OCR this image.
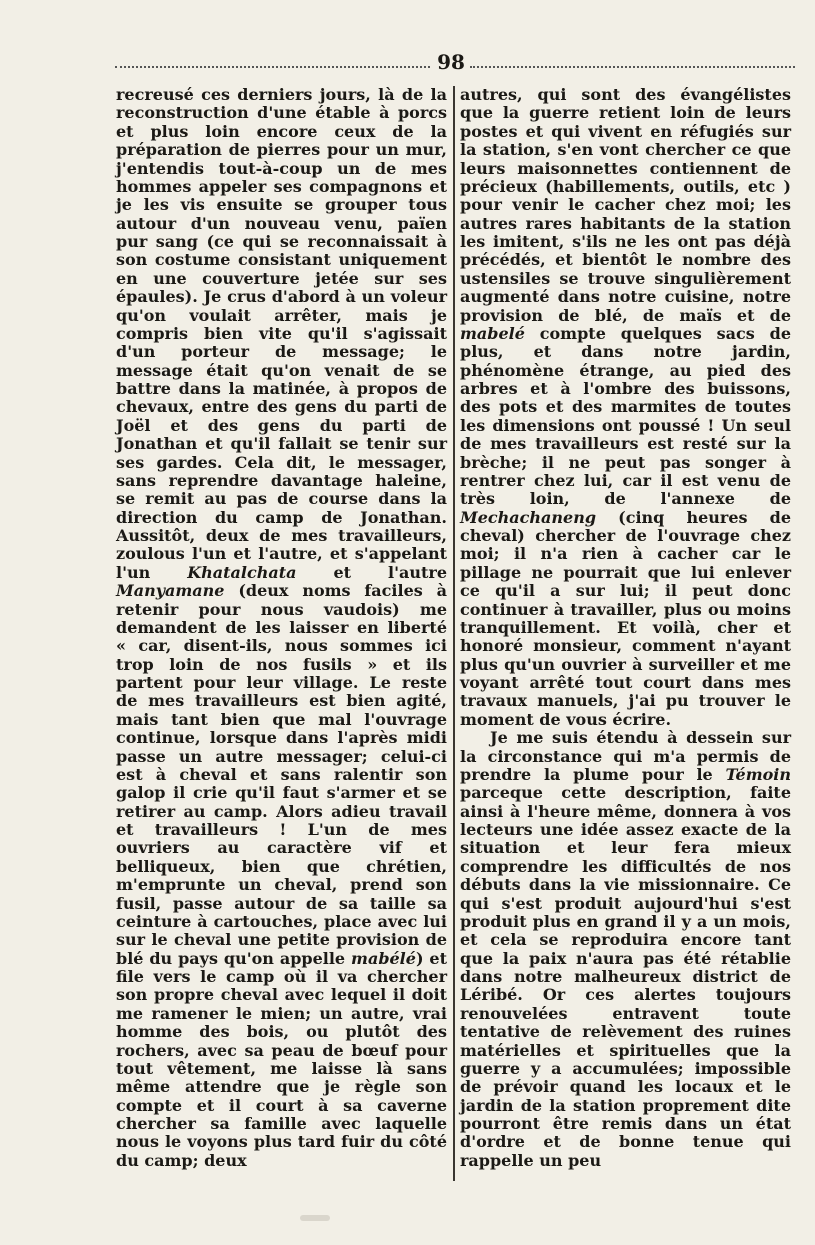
98

recreusé ces derniers jours, là de la reconstruction d'une étable à porcs et plus loin encore ceux de la préparation de pierres pour un mur, j'entendis tout-à-coup un de mes hommes appeler ses compagnons et je les vis ensuite se grouper tous autour d'un nouveau venu, païen pur sang (ce qui se reconnaissait à son costume consistant uniquement en une couverture jetée sur ses épaules). Je crus d'abord à un voleur qu'on voulait arrêter, mais je compris bien vite qu'il s'agissait d'un porteur de message; le message était qu'on venait de se battre dans la matinée, à propos de chevaux, entre des gens du parti de Joël et des gens du parti de Jonathan et qu'il fallait se tenir sur ses gardes. Cela dit, le messager, sans reprendre davantage haleine, se remit au pas de course dans la direction du camp de Jonathan. Aussitôt, deux de mes travailleurs, zoulous l'un et l'autre, et s'appelant l'un Khatalchata et l'autre Manyamane (deux noms faciles à retenir pour nous vaudois) me demandent de les laisser en liberté « car, disent-ils, nous sommes ici trop loin de nos fusils » et ils partent pour leur village. Le reste de mes travailleurs est bien agité, mais tant bien que mal l'ouvrage continue, lorsque dans l'après midi passe un autre messager; celui-ci est à cheval et sans ralentir son galop il crie qu'il faut s'armer et se retirer au camp. Alors adieu travail et travailleurs ! L'un de mes ouvriers au caractère vif et belliqueux, bien que chrétien, m'emprunte un cheval, prend son fusil, passe autour de sa taille sa ceinture à cartouches, place avec lui sur le cheval une petite provision de blé du pays qu'on appelle mabélé) et file vers le camp où il va chercher son propre cheval avec lequel il doit me ramener le mien; un autre, vrai homme des bois, ou plutôt des rochers, avec sa peau de bœuf pour tout vêtement, me laisse là sans même attendre que je règle son compte et il court à sa caverne chercher sa famille avec laquelle nous le voyons plus tard fuir du côté du camp; deux

autres, qui sont des évangélistes que la guerre retient loin de leurs postes et qui vivent en réfugiés sur la station, s'en vont chercher ce que leurs maisonnettes contiennent de précieux (habillements, outils, etc ) pour venir le cacher chez moi; les autres rares habitants de la station les imitent, s'ils ne les ont pas déjà précédés, et bientôt le nombre des ustensiles se trouve singulièrement augmenté dans notre cuisine, notre provision de blé, de maïs et de mabelé compte quelques sacs de plus, et dans notre jardin, phénomène étrange, au pied des arbres et à l'ombre des buissons, des pots et des marmites de toutes les dimensions ont poussé ! Un seul de mes travailleurs est resté sur la brèche; il ne peut pas songer à rentrer chez lui, car il est venu de très loin, de l'annexe de Mechachaneng (cinq heures de cheval) chercher de l'ouvrage chez moi; il n'a rien à cacher car le pillage ne pourrait que lui enlever ce qu'il a sur lui; il peut donc continuer à travailler, plus ou moins tranquillement. Et voilà, cher et honoré monsieur, comment n'ayant plus qu'un ouvrier à surveiller et me voyant arrêté tout court dans mes travaux manuels, j'ai pu trouver le moment de vous écrire.

Je me suis étendu à dessein sur la circonstance qui m'a permis de prendre la plume pour le Témoin parceque cette description, faite ainsi à l'heure même, donnera à vos lecteurs une idée assez exacte de la situation et leur fera mieux comprendre les difficultés de nos débuts dans la vie missionnaire. Ce qui s'est produit aujourd'hui s'est produit plus en grand il y a un mois, et cela se reproduira encore tant que la paix n'aura pas été rétablie dans notre malheureux district de Léribé. Or ces alertes toujours renouvelées entravent toute tentative de relèvement des ruines matérielles et spirituelles que la guerre y a accumulées; impossible de prévoir quand les locaux et le jardin de la station proprement dite pourront être remis dans un état d'ordre et de bonne tenue qui rappelle un peu
